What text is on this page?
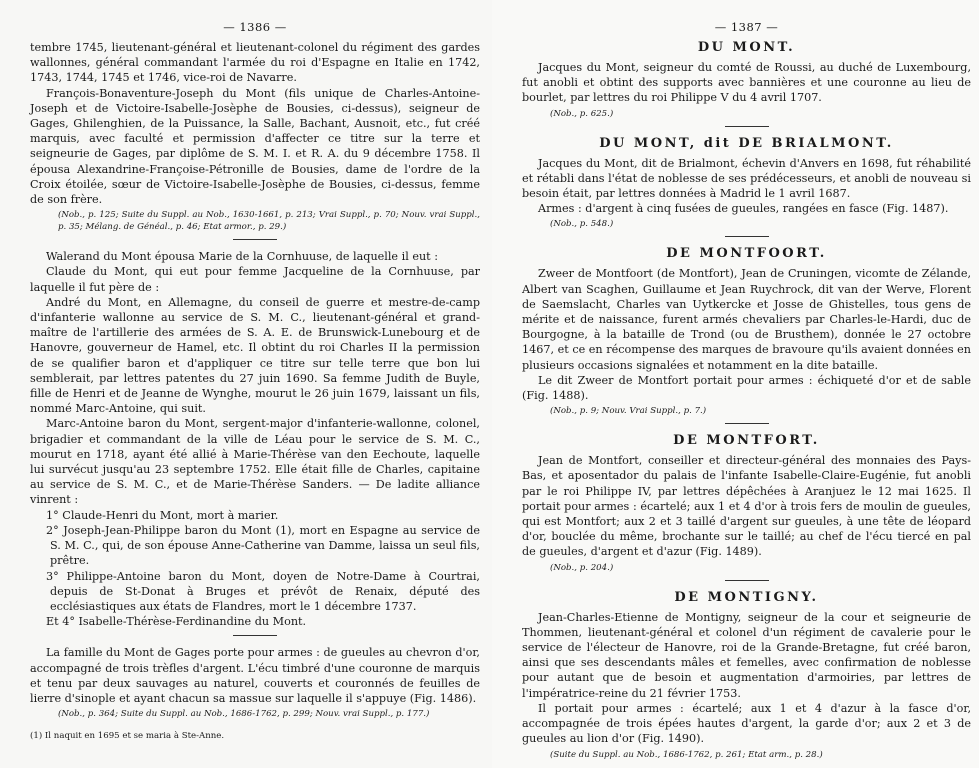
— 1386 —

tembre 1745, lieutenant-général et lieutenant-colonel du régiment des gardes wallonnes, général commandant l'armée du roi d'Espagne en Italie en 1742, 1743, 1744, 1745 et 1746, vice-roi de Navarre.

François-Bonaventure-Joseph du Mont (fils unique de Charles-Antoine-Joseph et de Victoire-Isabelle-Josèphe de Bousies, ci-dessus), seigneur de Gages, Ghilenghien, de la Puissance, la Salle, Bachant, Ausnoit, etc., fut créé marquis, avec faculté et permission d'affecter ce titre sur la terre et seigneurie de Gages, par diplôme de S. M. I. et R. A. du 9 décembre 1758. Il épousa Alexandrine-Françoise-Pétronille de Bousies, dame de l'ordre de la Croix étoilée, sœur de Victoire-Isabelle-Josèphe de Bousies, ci-dessus, femme de son frère.

(Nob., p. 125; Suite du Suppl. au Nob., 1630-1661, p. 213; Vrai Suppl., p. 70; Nouv. vrai Suppl., p. 35; Mélang. de Généal., p. 46; Etat armor., p. 29.)

Walerand du Mont épousa Marie de la Cornhuuse, de laquelle il eut :

Claude du Mont, qui eut pour femme Jacqueline de la Cornhuuse, par laquelle il fut père de :

André du Mont, en Allemagne, du conseil de guerre et mestre-de-camp d'infanterie wallonne au service de S. M. C., lieutenant-général et grand-maître de l'artillerie des armées de S. A. E. de Brunswick-Lunebourg et de Hanovre, gouverneur de Hamel, etc. Il obtint du roi Charles II la permission de se qualifier baron et d'appliquer ce titre sur telle terre que bon lui semblerait, par lettres patentes du 27 juin 1690. Sa femme Judith de Buyle, fille de Henri et de Jeanne de Wynghe, mourut le 26 juin 1679, laissant un fils, nommé Marc-Antoine, qui suit.

Marc-Antoine baron du Mont, sergent-major d'infanterie-wallonne, colonel, brigadier et commandant de la ville de Léau pour le service de S. M. C., mourut en 1718, ayant été allié à Marie-Thérèse van den Eechoute, laquelle lui survécut jusqu'au 23 septembre 1752. Elle était fille de Charles, capitaine au service de S. M. C., et de Marie-Thérèse Sanders. — De ladite alliance vinrent :

1° Claude-Henri du Mont, mort à marier.

2° Joseph-Jean-Philippe baron du Mont (1), mort en Espagne au service de S. M. C., qui, de son épouse Anne-Catherine van Damme, laissa un seul fils, prêtre.

3° Philippe-Antoine baron du Mont, doyen de Notre-Dame à Courtrai, depuis de St-Donat à Bruges et prévôt de Renaix, député des ecclésiastiques aux états de Flandres, mort le 1 décembre 1737.

Et 4° Isabelle-Thérèse-Ferdinandine du Mont.

La famille du Mont de Gages porte pour armes : de gueules au chevron d'or, accompagné de trois trèfles d'argent. L'écu timbré d'une couronne de marquis et tenu par deux sauvages au naturel, couverts et couronnés de feuilles de lierre d'sinople et ayant chacun sa massue sur laquelle il s'appuye (Fig. 1486).

(Nob., p. 364; Suite du Suppl. au Nob., 1686-1762, p. 299; Nouv. vrai Suppl., p. 177.)

(1) Il naquit en 1695 et se maria à Ste-Anne.
— 1387 —
DU MONT.

Jacques du Mont, seigneur du comté de Roussi, au duché de Luxembourg, fut anobli et obtint des supports avec bannières et une couronne au lieu de bourlet, par lettres du roi Philippe V du 4 avril 1707.

(Nob., p. 625.)

DU MONT, dit DE BRIALMONT.

Jacques du Mont, dit de Brialmont, échevin d'Anvers en 1698, fut réhabilité et rétabli dans l'état de noblesse de ses prédécesseurs, et anobli de nouveau si besoin était, par lettres données à Madrid le 1 avril 1687.

Armes : d'argent à cinq fusées de gueules, rangées en fasce (Fig. 1487).

(Nob., p. 548.)

DE MONTFOORT.

Zweer de Montfoort (de Montfort), Jean de Cruningen, vicomte de Zélande, Albert van Scaghen, Guillaume et Jean Ruychrock, dit van der Werve, Florent de Saemslacht, Charles van Uytkercke et Josse de Ghistelles, tous gens de mérite et de naissance, furent armés chevaliers par Charles-le-Hardi, duc de Bourgogne, à la bataille de Trond (ou de Brusthem), donnée le 27 octobre 1467, et ce en récompense des marques de bravoure qu'ils avaient données en plusieurs occasions signalées et notamment en la dite bataille.

Le dit Zweer de Montfort portait pour armes : échiqueté d'or et de sable (Fig. 1488).

(Nob., p. 9; Nouv. Vrai Suppl., p. 7.)

DE MONTFORT.

Jean de Montfort, conseiller et directeur-général des monnaies des Pays-Bas, et aposentador du palais de l'infante Isabelle-Claire-Eugénie, fut anobli par le roi Philippe IV, par lettres dépêchées à Aranjuez le 12 mai 1625. Il portait pour armes : écartelé; aux 1 et 4 d'or à trois fers de moulin de gueules, qui est Montfort; aux 2 et 3 taillé d'argent sur gueules, à une tête de léopard d'or, bouclée du même, brochante sur le taillé; au chef de l'écu tiercé en pal de gueules, d'argent et d'azur (Fig. 1489).

(Nob., p. 204.)

DE MONTIGNY.

Jean-Charles-Etienne de Montigny, seigneur de la cour et seigneurie de Thommen, lieutenant-général et colonel d'un régiment de cavalerie pour le service de l'électeur de Hanovre, roi de la Grande-Bretagne, fut créé baron, ainsi que ses descendants mâles et femelles, avec confirmation de noblesse pour autant que de besoin et augmentation d'armoiries, par lettres de l'impératrice-reine du 21 février 1753.

Il portait pour armes : écartelé; aux 1 et 4 d'azur à la fasce d'or, accompagnée de trois épées hautes d'argent, la garde d'or; aux 2 et 3 de gueules au lion d'or (Fig. 1490).

(Suite du Suppl. au Nob., 1686-1762, p. 261; Etat arm., p. 28.)
